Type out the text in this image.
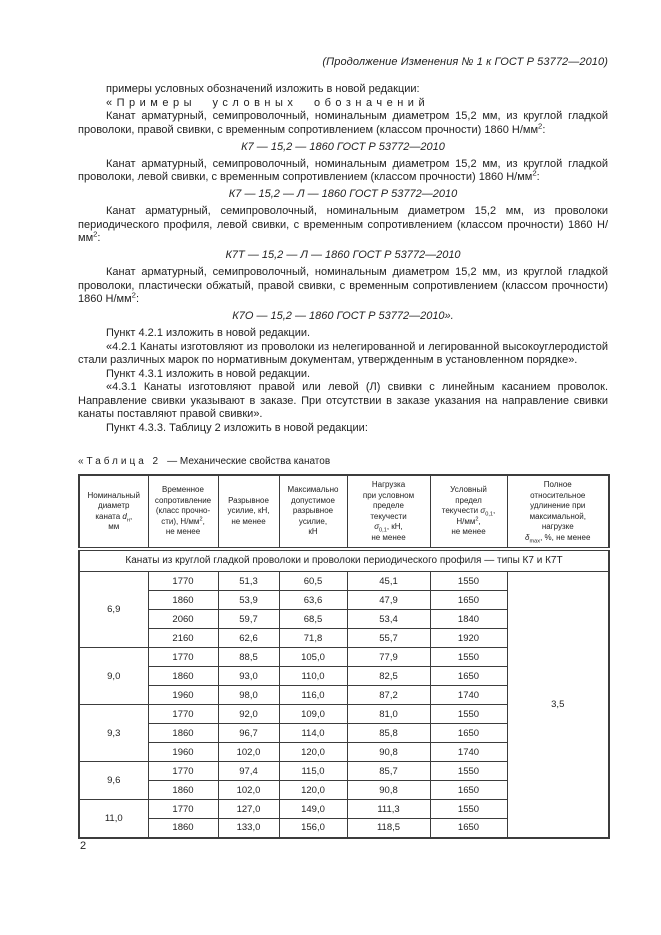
(Продолжение Изменения № 1 к ГОСТ Р 53772—2010)

примеры условных обозначений изложить в новой редакции:

«Примеры условных обозначений

Канат арматурный, семипроволочный, номинальным диаметром 15,2 мм, из круглой гладкой проволоки, правой свивки, с временным сопротивлением (классом прочности) 1860 $Н/мм^2$:

К7 — 15,2 — 1860 ГОСТ Р 53772—2010

Канат арматурный, семипроволочный, номинальным диаметром 15,2 мм, из круглой гладкой проволоки, левой свивки, с временным сопротивлением (классом прочности) 1860 $Н/мм^2$:

К7 — 15,2 — Л — 1860 ГОСТ Р 53772—2010

Канат арматурный, семипроволочный, номинальным диаметром 15,2 мм, из проволоки периодического профиля, левой свивки, с временным сопротивлением (классом прочности) 1860 $Н/мм^2$:

К7Т — 15,2 — Л — 1860 ГОСТ Р 53772—2010

Канат арматурный, семипроволочный, номинальным диаметром 15,2 мм, из круглой гладкой проволоки, пластически обжатый, правой свивки, с временным сопротивлением (классом прочности) 1860 $Н/мм^2$:

К7О — 15,2 — 1860 ГОСТ Р 53772—2010».

Пункт 4.2.1 изложить в новой редакции.

«4.2.1 Канаты изготовляют из проволоки из нелегированной и легированной высокоуглеродистой стали различных марок по нормативным документам, утвержденным в установленном порядке».

Пункт 4.3.1 изложить в новой редакции.

«4.3.1 Канаты изготовляют правой или левой (Л) свивки с линейным касанием проволок. Направление свивки указывают в заказе. При отсутствии в заказе указания на направление свивки канаты поставляют правой свивки».

Пункт 4.3.3. Таблицу 2 изложить в новой редакции:

«Таблица 2 — Механические свойства канатов
Номинальный
диаметр
каната $d_н$,
мм	Временное
сопротивление
(класс прочно-
сти), $Н/мм^2$,
не менее	Разрывное
усилие, кН,
не менее	Максимально
допустимое
разрывное
усилие,
кН	Нагрузка
при условном
пределе
текучести
$\sigma_{0,1}$, кН,
не менее	Условный
предел
текучести $\sigma_{0,1}$,
$Н/мм^2$,
не менее	Полное
относительное
удлинение при
максимальной,
нагрузке
$\delta_{max}$, %, не менее
Канаты из круглой гладкой проволоки и проволоки периодического профиля — типы К7 и К7Т						
6,9	1770	51,3	60,5	45,1	1550	3,5
	1860	53,9	63,6	47,9	1650	
	2060	59,7	68,5	53,4	1840	
	2160	62,6	71,8	55,7	1920	
9,0	1770	88,5	105,0	77,9	1550	
	1860	93,0	110,0	82,5	1650	
	1960	98,0	116,0	87,2	1740	
9,3	1770	92,0	109,0	81,0	1550	
	1860	96,7	114,0	85,8	1650	
	1960	102,0	120,0	90,8	1740	
9,6	1770	97,4	115,0	85,7	1550	
	1860	102,0	120,0	90,8	1650	
11,0	1770	127,0	149,0	111,3	1550	
	1860	133,0	156,0	118,5	1650	
2
